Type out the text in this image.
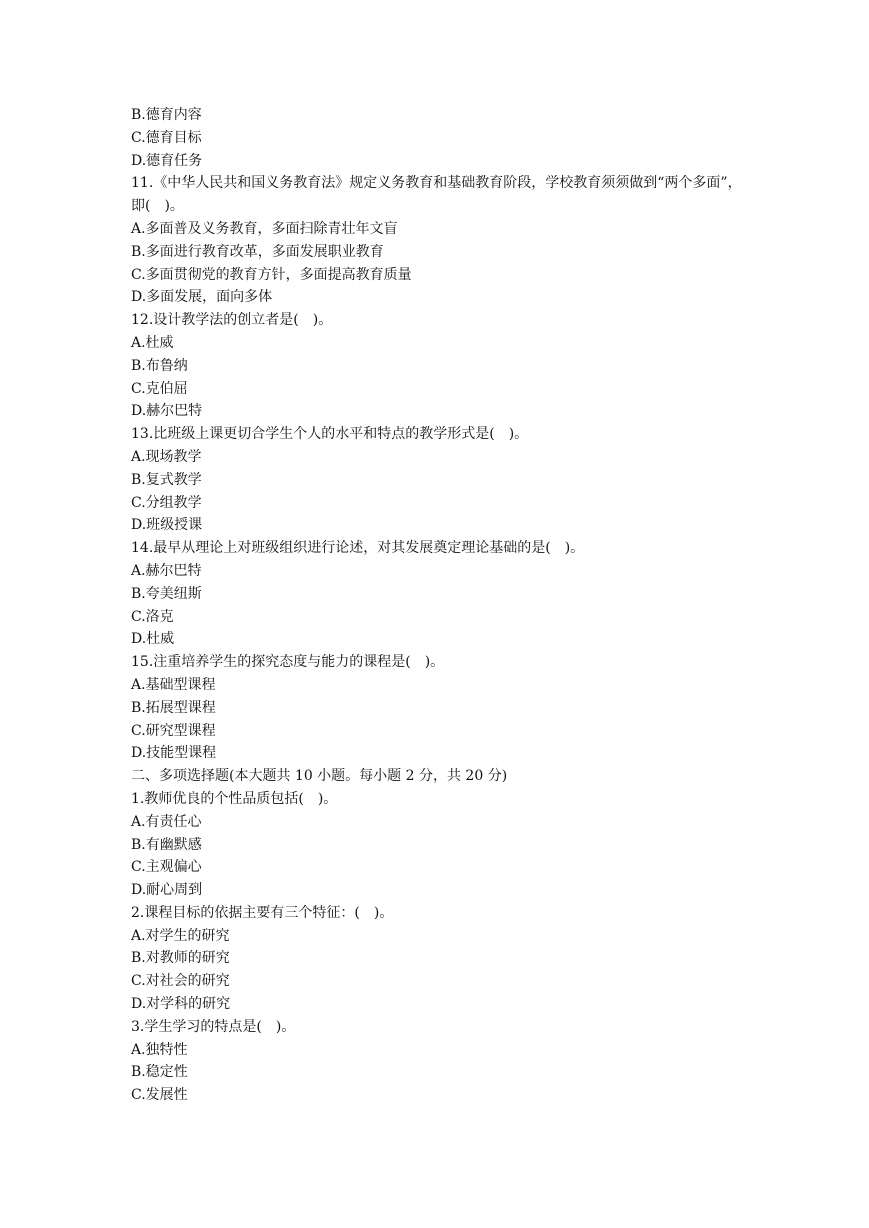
B.德育内容
C.德育目标
D.德育任务
11.《中华人民共和国义务教育法》规定义务教育和基础教育阶段，学校教育须须做到“两个多面”，即(　)。
A.多面普及义务教育，多面扫除青壮年文盲
B.多面进行教育改革，多面发展职业教育
C.多面贯彻党的教育方针，多面提高教育质量
D.多面发展，面向多体
12.设计教学法的创立者是(　)。
A.杜威
B.布鲁纳
C.克伯屈
D.赫尔巴特
13.比班级上课更切合学生个人的水平和特点的教学形式是(　)。
A.现场教学
B.复式教学
C.分组教学
D.班级授课
14.最早从理论上对班级组织进行论述，对其发展奠定理论基础的是(　)。
A.赫尔巴特
B.夸美纽斯
C.洛克
D.杜威
15.注重培养学生的探究态度与能力的课程是(　)。
A.基础型课程
B.拓展型课程
C.研究型课程
D.技能型课程
二、多项选择题(本大题共 10 小题。每小题 2 分，共 20 分)
1.教师优良的个性品质包括(　)。
A.有责任心
B.有幽默感
C.主观偏心
D.耐心周到
2.课程目标的依据主要有三个特征：(　)。
A.对学生的研究
B.对教师的研究
C.对社会的研究
D.对学科的研究
3.学生学习的特点是(　)。
A.独特性
B.稳定性
C.发展性
